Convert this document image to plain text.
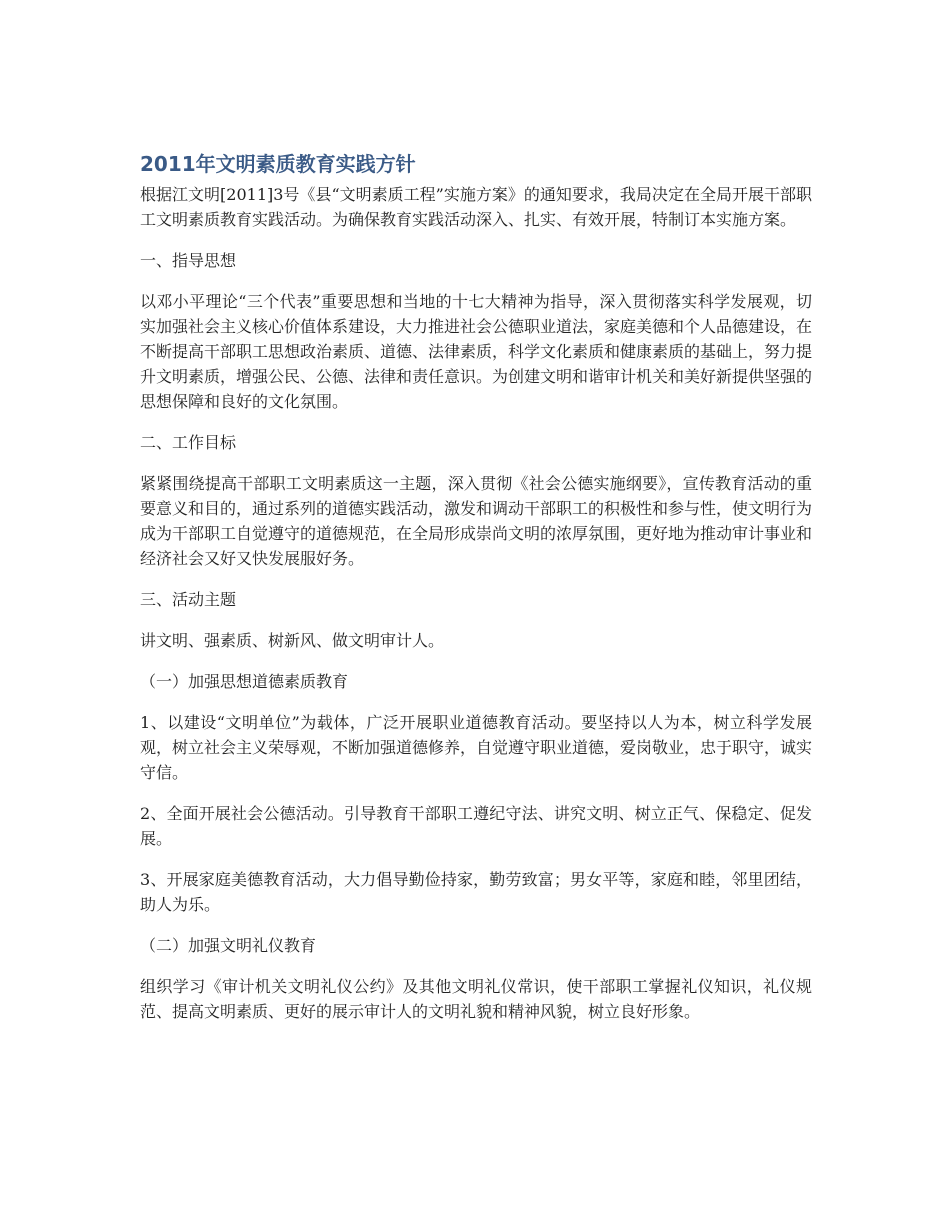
2011年文明素质教育实践方针

根据江文明[2011]3号《县“文明素质工程”实施方案》的通知要求，我局决定在全局开展干部职工文明素质教育实践活动。为确保教育实践活动深入、扎实、有效开展，特制订本实施方案。

一、指导思想

以邓小平理论“三个代表”重要思想和当地的十七大精神为指导，深入贯彻落实科学发展观，切实加强社会主义核心价值体系建设，大力推进社会公德职业道法，家庭美德和个人品德建设，在不断提高干部职工思想政治素质、道德、法律素质，科学文化素质和健康素质的基础上，努力提升文明素质，增强公民、公德、法律和责任意识。为创建文明和谐审计机关和美好新提供坚强的思想保障和良好的文化氛围。

二、工作目标

紧紧围绕提高干部职工文明素质这一主题，深入贯彻《社会公德实施纲要》，宣传教育活动的重要意义和目的，通过系列的道德实践活动，激发和调动干部职工的积极性和参与性，使文明行为成为干部职工自觉遵守的道德规范，在全局形成崇尚文明的浓厚氛围，更好地为推动审计事业和经济社会又好又快发展服好务。

三、活动主题

讲文明、强素质、树新风、做文明审计人。

（一）加强思想道德素质教育

1、以建设“文明单位”为载体，广泛开展职业道德教育活动。要坚持以人为本，树立科学发展观，树立社会主义荣辱观，不断加强道德修养，自觉遵守职业道德，爱岗敬业，忠于职守，诚实守信。

2、全面开展社会公德活动。引导教育干部职工遵纪守法、讲究文明、树立正气、保稳定、促发展。

3、开展家庭美德教育活动，大力倡导勤俭持家，勤劳致富；男女平等，家庭和睦，邻里团结，助人为乐。

（二）加强文明礼仪教育

组织学习《审计机关文明礼仪公约》及其他文明礼仪常识，使干部职工掌握礼仪知识，礼仪规范、提高文明素质、更好的展示审计人的文明礼貌和精神风貌，树立良好形象。
